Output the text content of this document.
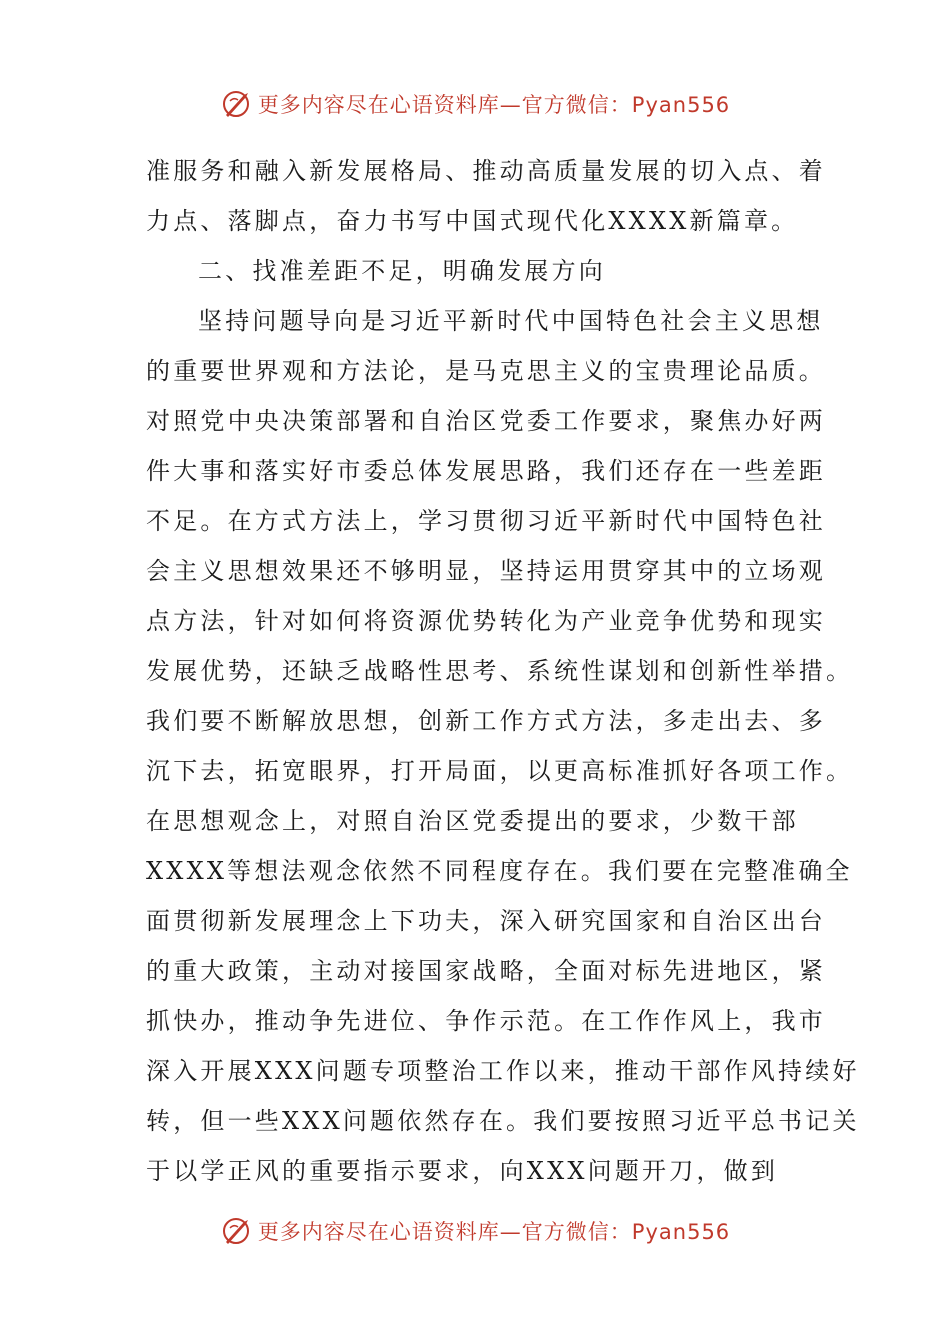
更多内容尽在心语资料库—官方微信：Pyan556
准服务和融入新发展格局、推动高质量发展的切入点、着
力点、落脚点，奋力书写中国式现代化XXXX新篇章。
二、找准差距不足，明确发展方向
坚持问题导向是习近平新时代中国特色社会主义思想
的重要世界观和方法论，是马克思主义的宝贵理论品质。
对照党中央决策部署和自治区党委工作要求，聚焦办好两
件大事和落实好市委总体发展思路，我们还存在一些差距
不足。在方式方法上，学习贯彻习近平新时代中国特色社
会主义思想效果还不够明显，坚持运用贯穿其中的立场观
点方法，针对如何将资源优势转化为产业竞争优势和现实
发展优势，还缺乏战略性思考、系统性谋划和创新性举措。
我们要不断解放思想，创新工作方式方法，多走出去、多
沉下去，拓宽眼界，打开局面，以更高标准抓好各项工作。
在思想观念上，对照自治区党委提出的要求，少数干部
XXXX等想法观念依然不同程度存在。我们要在完整准确全
面贯彻新发展理念上下功夫，深入研究国家和自治区出台
的重大政策，主动对接国家战略，全面对标先进地区，紧
抓快办，推动争先进位、争作示范。在工作作风上，我市
深入开展XXX问题专项整治工作以来，推动干部作风持续好
转，但一些XXX问题依然存在。我们要按照习近平总书记关
于以学正风的重要指示要求，向XXX问题开刀，做到
更多内容尽在心语资料库—官方微信：Pyan556
